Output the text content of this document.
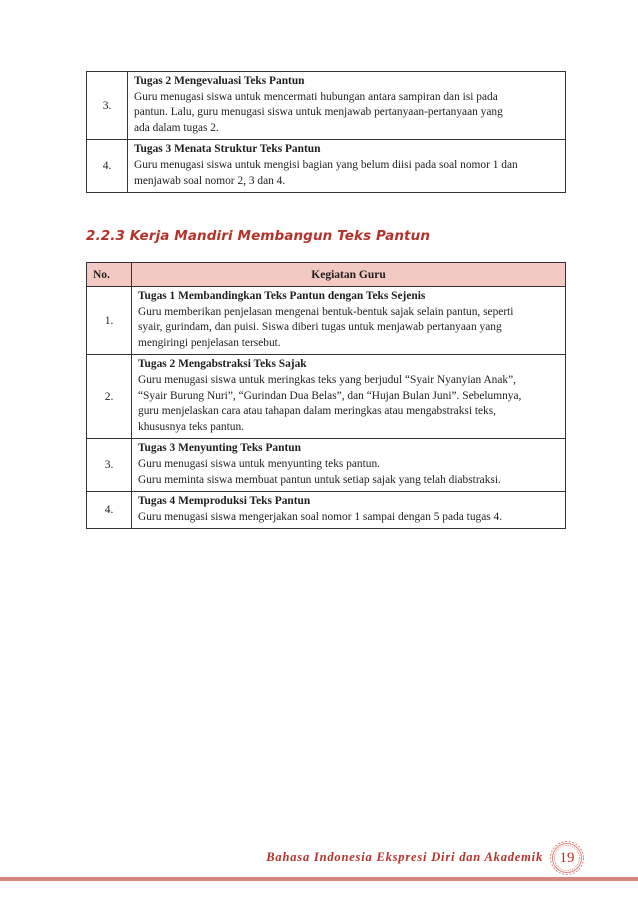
3.	Tugas 2 Mengevaluasi Teks Pantun
Guru menugasi siswa untuk mencermati hubungan antara sampiran dan isi pada
pantun. Lalu, guru menugasi siswa untuk menjawab pertanyaan-pertanyaan yang
ada dalam tugas 2.

4.	Tugas 3 Menata Struktur Teks Pantun
Guru menugasi siswa untuk mengisi bagian yang belum diisi pada soal nomor 1 dan
menjawab soal nomor 2, 3 dan 4.
2.2.3 Kerja Mandiri Membangun Teks Pantun
No.	Kegiatan Guru
1.	Tugas 1 Membandingkan Teks Pantun dengan Teks Sejenis
Guru memberikan penjelasan mengenai bentuk-bentuk sajak selain pantun, seperti
syair, gurindam, dan puisi. Siswa diberi tugas untuk menjawab pertanyaan yang
mengiringi penjelasan tersebut.

2.	Tugas 2 Mengabstraksi Teks Sajak
Guru menugasi siswa untuk meringkas teks yang berjudul “Syair Nyanyian Anak”,
“Syair Burung Nuri”, “Gurindan Dua Belas”, dan “Hujan Bulan Juni”. Sebelumnya,
guru menjelaskan cara atau tahapan dalam meringkas atau mengabstraksi teks,
khususnya teks pantun.

3.	Tugas 3 Menyunting Teks Pantun
Guru menugasi siswa untuk menyunting teks pantun.
Guru meminta siswa membuat pantun untuk setiap sajak yang telah diabstraksi.

4.	Tugas 4 Memproduksi Teks Pantun
Guru menugasi siswa mengerjakan soal nomor 1 sampai dengan 5 pada tugas 4.
Bahasa Indonesia Ekspresi Diri dan Akademik	19
